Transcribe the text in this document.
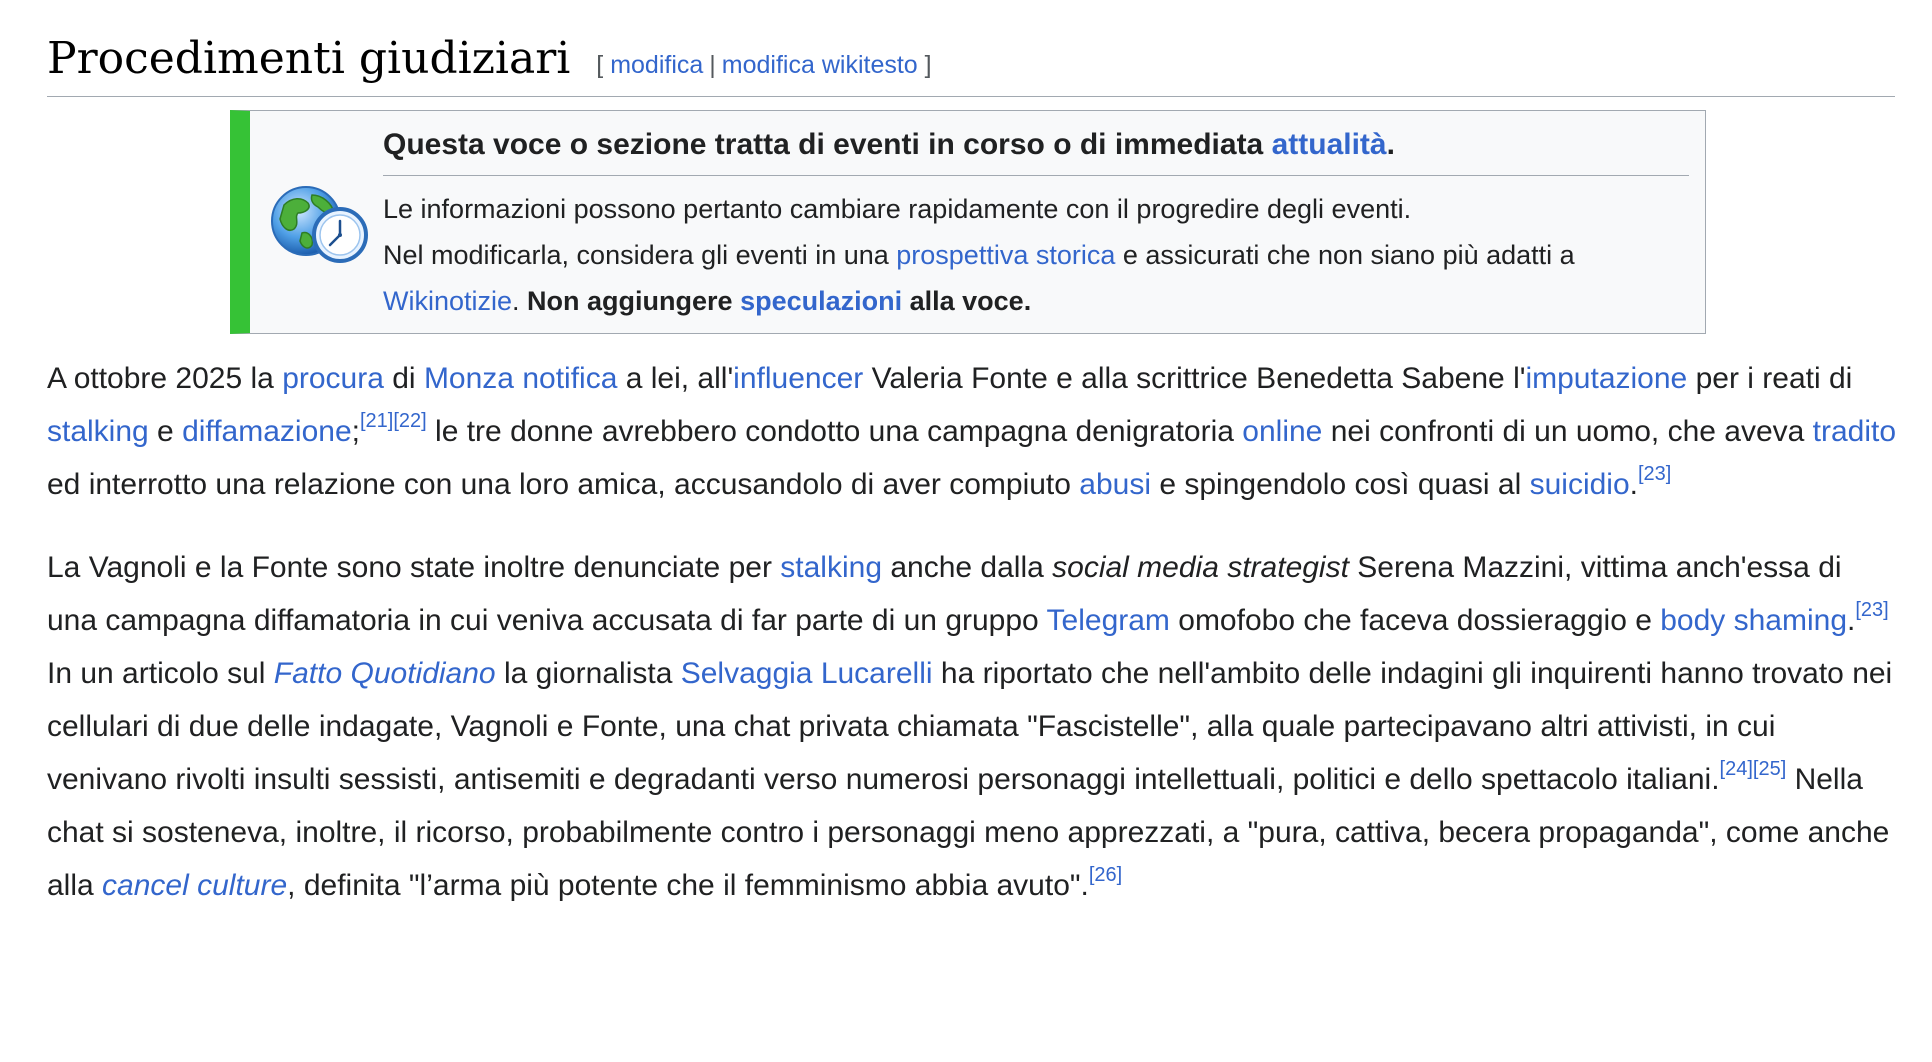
Procedimenti giudiziari [ modifica | modifica wikitesto ]
Questa voce o sezione tratta di eventi in corso o di immediata attualità.
Le informazioni possono pertanto cambiare rapidamente con il progredire degli eventi.
Nel modificarla, considera gli eventi in una prospettiva storica e assicurati che non siano più adatti a
Wikinotizie. Non aggiungere speculazioni alla voce.

A ottobre 2025 la procura di Monza notifica a lei, all'influencer Valeria Fonte e alla scrittrice Benedetta Sabene l'imputazione per i reati di stalking e diffamazione;[21][22] le tre donne avrebbero condotto una campagna denigratoria online nei confronti di un uomo, che aveva tradito ed interrotto una relazione con una loro amica, accusandolo di aver compiuto abusi e spingendolo così quasi al suicidio.[23]

La Vagnoli e la Fonte sono state inoltre denunciate per stalking anche dalla social media strategist Serena Mazzini, vittima anch'essa di una campagna diffamatoria in cui veniva accusata di far parte di un gruppo Telegram omofobo che faceva dossieraggio e body shaming.[23] In un articolo sul Fatto Quotidiano la giornalista Selvaggia Lucarelli ha riportato che nell'ambito delle indagini gli inquirenti hanno trovato nei cellulari di due delle indagate, Vagnoli e Fonte, una chat privata chiamata "Fascistelle", alla quale partecipavano altri attivisti, in cui venivano rivolti insulti sessisti, antisemiti e degradanti verso numerosi personaggi intellettuali, politici e dello spettacolo italiani.[24][25] Nella chat si sosteneva, inoltre, il ricorso, probabilmente contro i personaggi meno apprezzati, a "pura, cattiva, becera propaganda", come anche alla cancel culture, definita "l’arma più potente che il femminismo abbia avuto".[26]
